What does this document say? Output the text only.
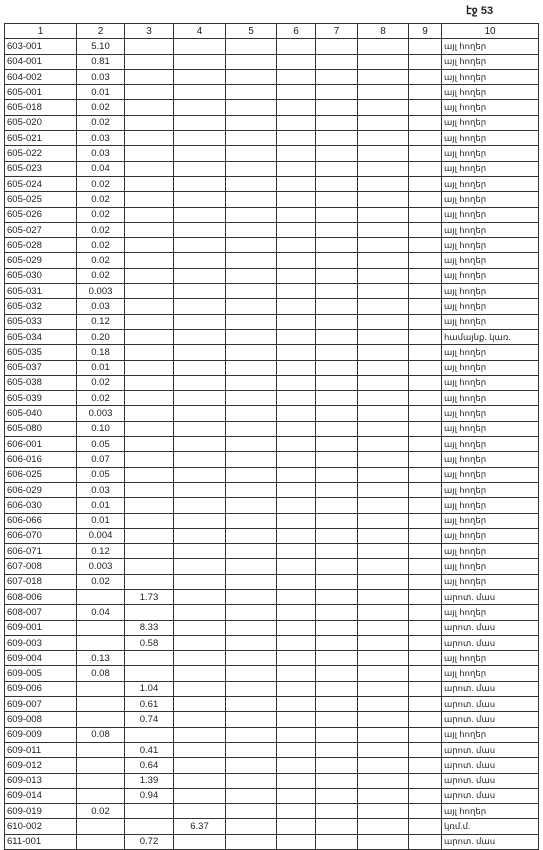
էջ 53
1	2	3	4	5	6	7	8	9	10
603-001	5.10								այլ հողեր
604-001	0.81								այլ հողեր
604-002	0.03								այլ հողեր
605-001	0.01								այլ հողեր
605-018	0.02								այլ հողեր
605-020	0.02								այլ հողեր
605-021	0.03								այլ հողեր
605-022	0.03								այլ հողեր
605-023	0.04								այլ հողեր
605-024	0.02								այլ հողեր
605-025	0.02								այլ հողեր
605-026	0.02								այլ հողեր
605-027	0.02								այլ հողեր
605-028	0.02								այլ հողեր
605-029	0.02								այլ հողեր
605-030	0.02								այլ հողեր
605-031	0.003								այլ հողեր
605-032	0.03								այլ հողեր
605-033	0.12								այլ հողեր
605-034	0.20								համայնք. կառ.
605-035	0.18								այլ հողեր
605-037	0.01								այլ հողեր
605-038	0.02								այլ հողեր
605-039	0.02								այլ հողեր
605-040	0.003								այլ հողեր
605-080	0.10								այլ հողեր
606-001	0.05								այլ հողեր
606-016	0.07								այլ հողեր
606-025	0.05								այլ հողեր
606-029	0.03								այլ հողեր
606-030	0.01								այլ հողեր
606-066	0.01								այլ հողեր
606-070	0.004								այլ հողեր
606-071	0.12								այլ հողեր
607-008	0.003								այլ հողեր
607-018	0.02								այլ հողեր
608-006		1.73							արոտ. մաս
608-007	0.04								այլ հողեր
609-001		8.33							արոտ. մաս
609-003		0.58							արոտ. մաս
609-004	0.13								այլ հողեր
609-005	0.08								այլ հողեր
609-006		1.04							արոտ. մաս
609-007		0.61							արոտ. մաս
609-008		0.74							արոտ. մաս
609-009	0.08								այլ հողեր
609-011		0.41							արոտ. մաս
609-012		0.64							արոտ. մաս
609-013		1.39							արոտ. մաս
609-014		0.94							արոտ. մաս
609-019	0.02								այլ հողեր
610-002			6.37						կռմ.մ.
611-001		0.72							արոտ. մաս
